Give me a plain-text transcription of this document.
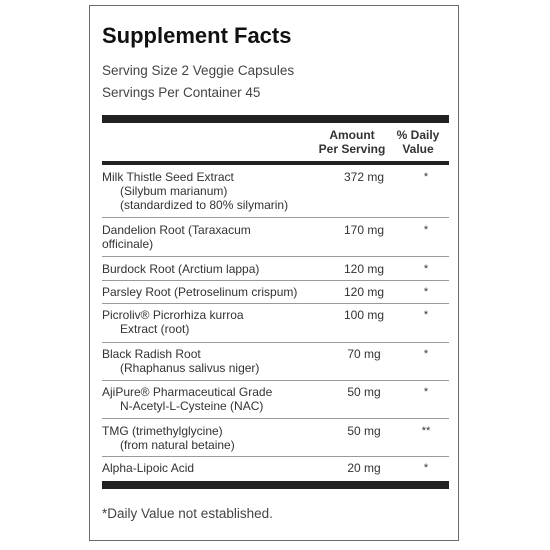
Supplement Facts
Serving Size 2 Veggie Capsules
Servings Per Container 45
Amount
Per Serving
% Daily
Value
Milk Thistle Seed Extract
(Silybum marianum)
(standardized to 80% silymarin)
372 mg	*
Dandelion Root (Taraxacum
officinale)
170 mg	*
Burdock Root (Arctium lappa)	120 mg	*
Parsley Root (Petroselinum crispum)	120 mg	*
Picroliv® Picrorhiza kurroa
Extract (root)
100 mg	*
Black Radish Root
(Rhaphanus salivus niger)
70 mg	*
AjiPure® Pharmaceutical Grade
N-Acetyl-L-Cysteine (NAC)
50 mg	*
TMG (trimethylglycine)
(from natural betaine)
50 mg	**
Alpha-Lipoic Acid	20 mg	*
*Daily Value not established.
